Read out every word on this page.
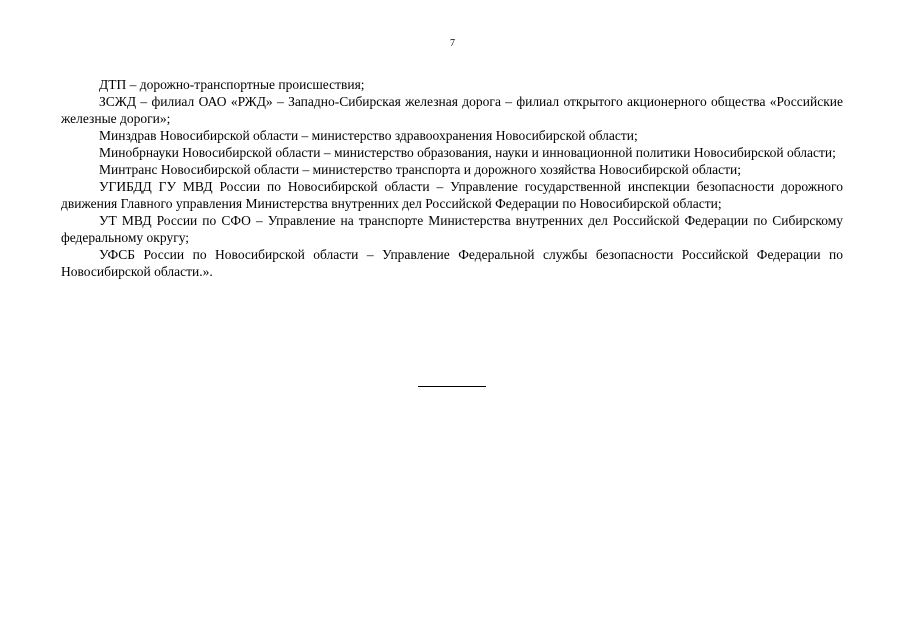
7

ДТП – дорожно-транспортные происшествия;

ЗСЖД – филиал ОАО «РЖД» – Западно-Сибирская железная дорога – филиал открытого акционерного общества «Российские железные дороги»;

Минздрав Новосибирской области – министерство здравоохранения Новосибирской области;

Минобрнауки Новосибирской области – министерство образования, науки и инновационной политики Новосибирской области;

Минтранс Новосибирской области – министерство транспорта и дорожного хозяйства Новосибирской области;

УГИБДД ГУ МВД России по Новосибирской области – Управление государственной инспекции безопасности дорожного движения Главного управления Министерства внутренних дел Российской Федерации по Новосибирской области;

УТ МВД России по СФО – Управление на транспорте Министерства внутренних дел Российской Федерации по Сибирскому федеральному округу;

УФСБ России по Новосибирской области – Управление Федеральной службы безопасности Российской Федерации по Новосибирской области.».
